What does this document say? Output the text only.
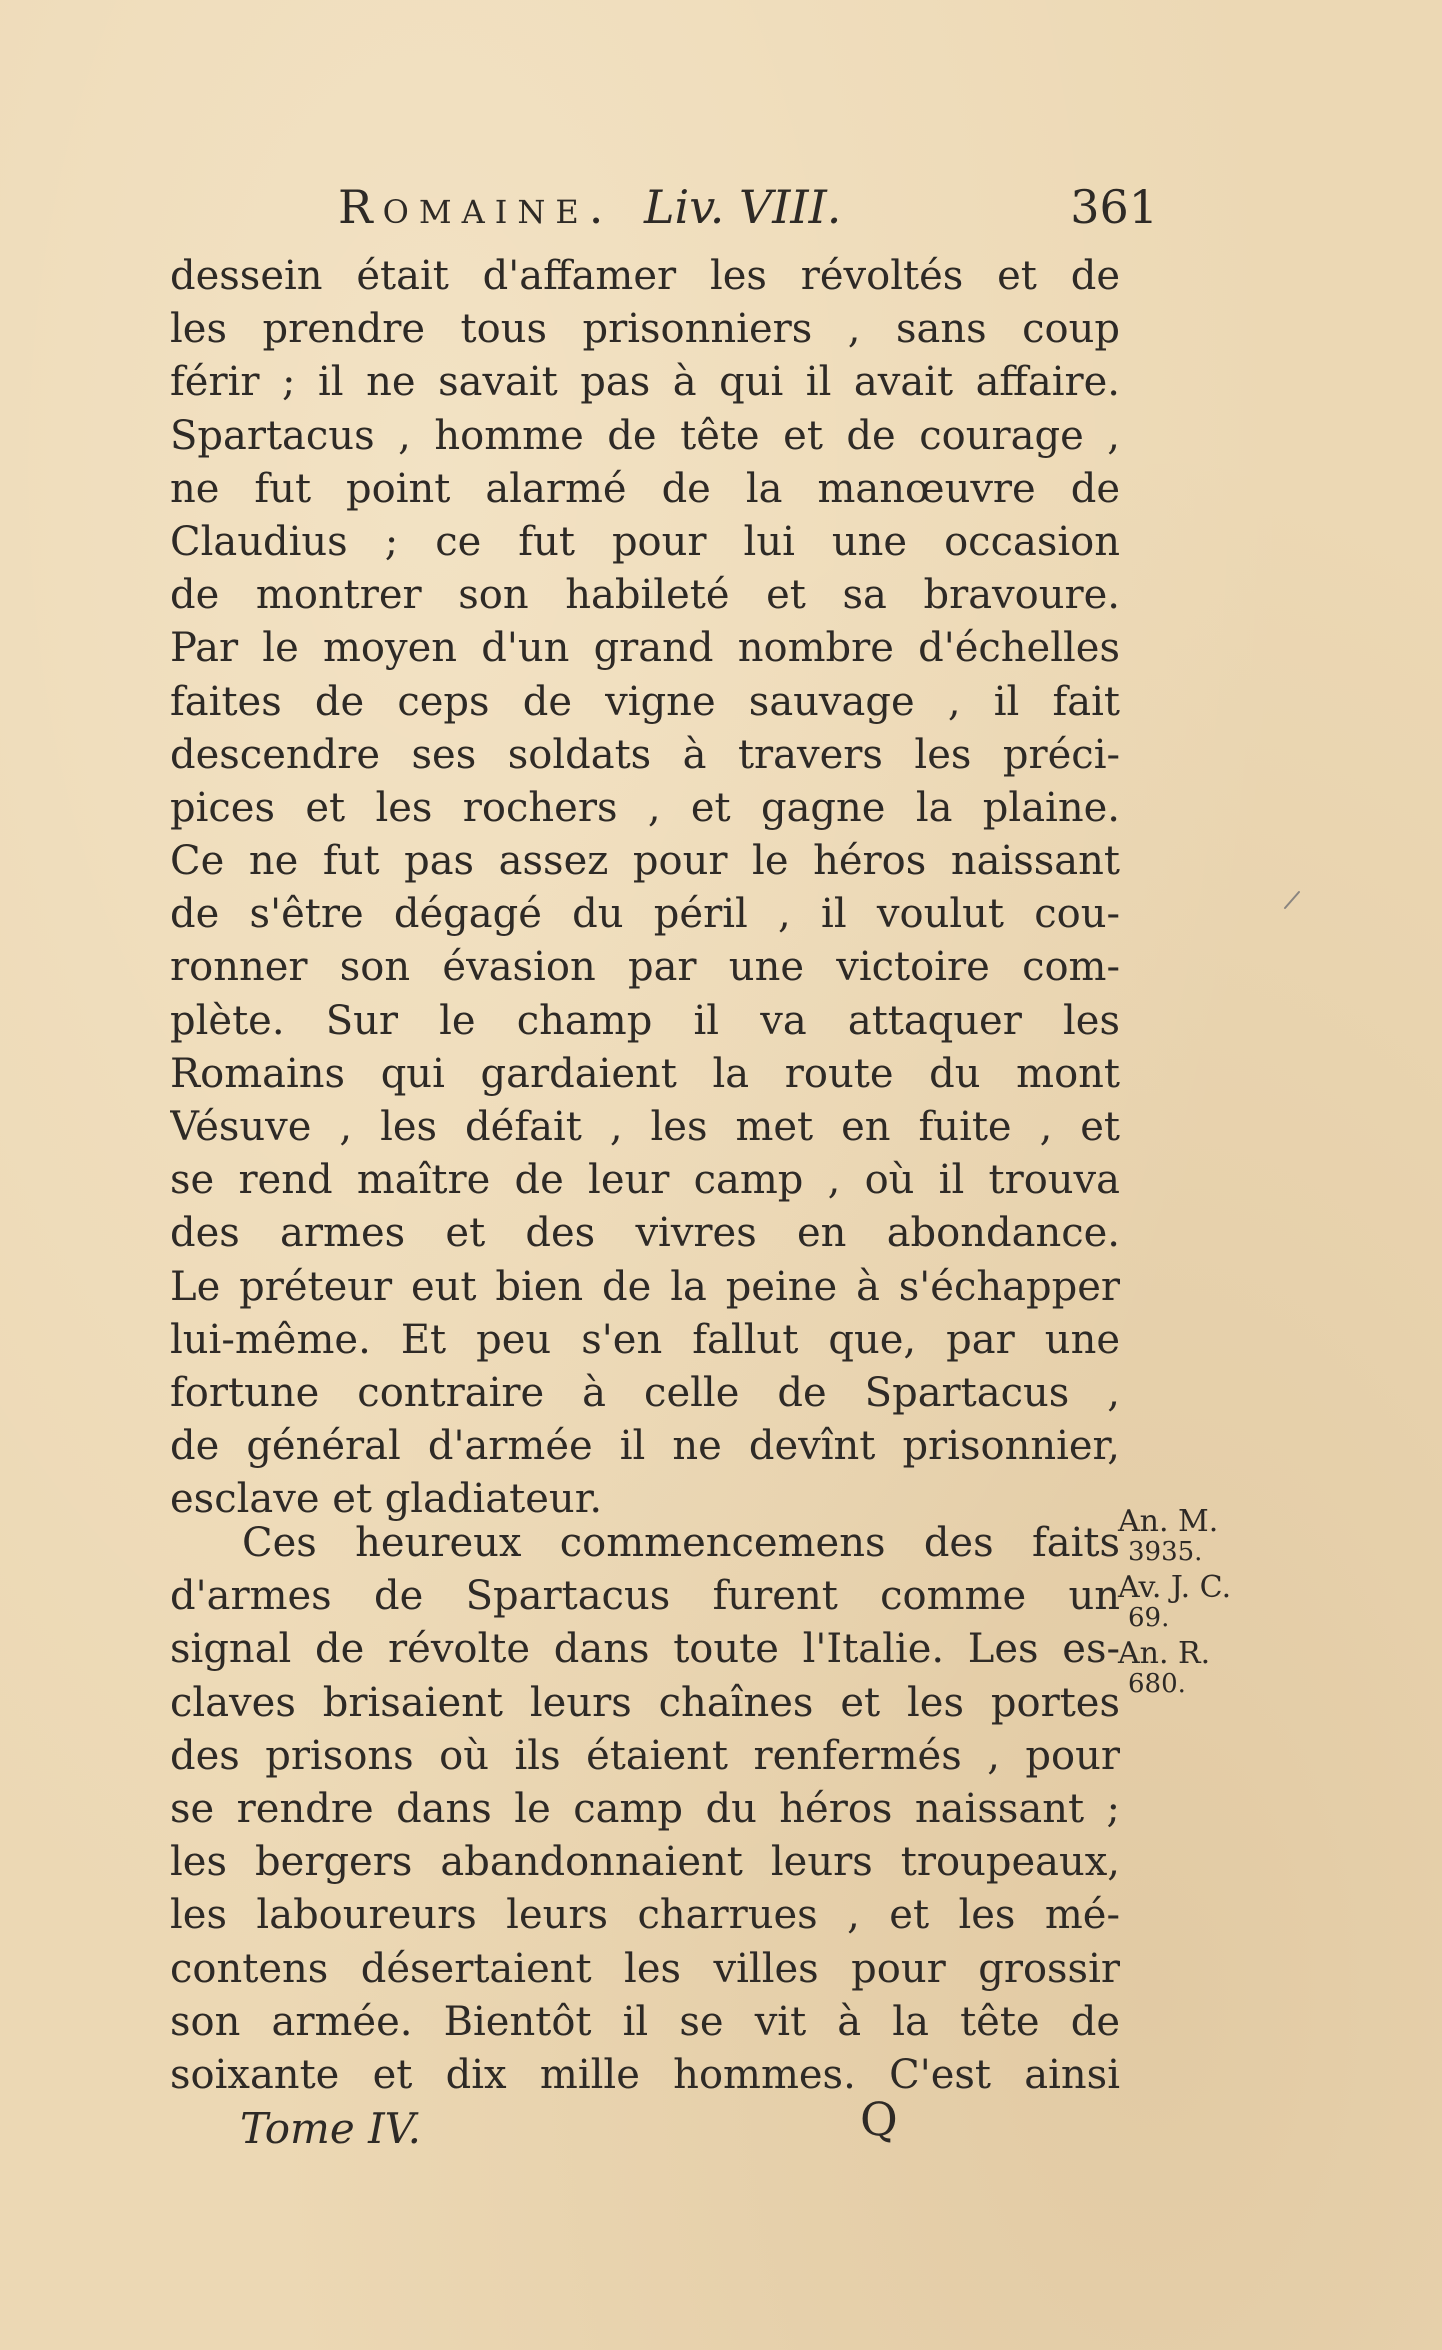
Romaine. Liv. VIII.	361
dessein était d'affamer les révoltés et de
les prendre tous prisonniers , sans coup
férir ; il ne savait pas à qui il avait affaire.
Spartacus , homme de tête et de courage ,
ne fut point alarmé de la manœuvre de
Claudius ; ce fut pour lui une occasion
de montrer son habileté et sa bravoure.
Par le moyen d'un grand nombre d'échelles
faites de ceps de vigne sauvage , il fait
descendre ses soldats à travers les préci-
pices et les rochers , et gagne la plaine.
Ce ne fut pas assez pour le héros naissant
de s'être dégagé du péril , il voulut cou-
ronner son évasion par une victoire com-
plète. Sur le champ il va attaquer les
Romains qui gardaient la route du mont
Vésuve , les défait , les met en fuite , et
se rend maître de leur camp , où il trouva
des armes et des vivres en abondance.
Le préteur eut bien de la peine à s'échapper
lui-même. Et peu s'en fallut que, par une
fortune contraire à celle de Spartacus ,
de général d'armée il ne devînt prisonnier,
esclave et gladiateur.
Ces heureux commencemens des faits
d'armes de Spartacus furent comme un
signal de révolte dans toute l'Italie. Les es-
claves brisaient leurs chaînes et les portes
des prisons où ils étaient renfermés , pour
se rendre dans le camp du héros naissant ;
les bergers abandonnaient leurs troupeaux,
les laboureurs leurs charrues , et les mé-
contens désertaient les villes pour grossir
son armée. Bientôt il se vit à la tête de
soixante et dix mille hommes. C'est ainsi
An. M.
3935.
Av. J. C.
69.
An. R.
680.
Tome IV.	Q
